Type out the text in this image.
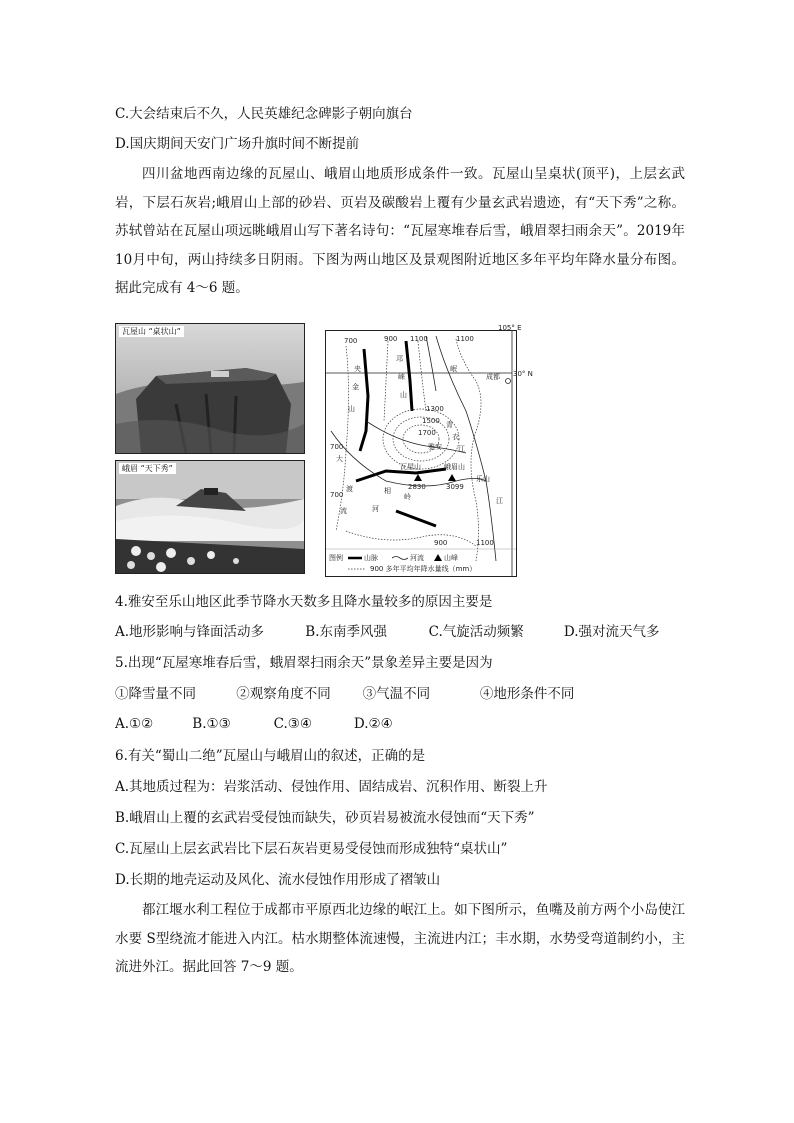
C.大会结束后不久，人民英雄纪念碑影子朝向旗台
D.国庆期间天安门广场升旗时间不断提前
四川盆地西南边缘的瓦屋山、峨眉山地质形成条件一致。瓦屋山呈桌状(顶平)，上层玄武岩，下层石灰岩;峨眉山上部的砂岩、页岩及碳酸岩上覆有少量玄武岩遗迹，有“天下秀”之称。苏轼曾站在瓦屋山项远眺峨眉山写下著名诗句：“瓦屋寒堆春后雪，峨眉翠扫雨余天”。2019年 10月中旬，两山持续多日阴雨。下图为两山地区及景观图附近地区多年平均年降水量分布图。据此完成有 4～6 题。
瓦屋山 “桌状山”
峨眉 “天下秀”
105° E
30° N
700	900 1100	1100
1300
1500
1700
700
700
900	1100
成都
雅安
瓦屋山	峨眉山
乐山
2830	3099
夹
金
山
邛
崃
山
岷
大
渡	相
岭
流	河
江
青
衣
江
图例	山脉	河流	山峰
900 多年平均年降水量线（mm）
4.雅安至乐山地区此季节降水天数多且降水量较多的原因主要是
A.地形影响与锋面活动多	B.东南季风强	C.气旋活动频繁	D.强对流天气多
5.出现“瓦屋寒堆春后雪，蛾眉翠扫雨余天”景象差异主要是因为
①降雪量不同	②观察角度不同 ③气温不同	④地形条件不同
A.①②	B.①③	C.③④	D.②④
6.有关“蜀山二绝”瓦屋山与峨眉山的叙述，正确的是
A.其地质过程为：岩浆活动、侵蚀作用、固结成岩、沉积作用、断裂上升
B.峨眉山上覆的玄武岩受侵蚀而缺失，砂页岩易被流水侵蚀而“天下秀”
C.瓦屋山上层玄武岩比下层石灰岩更易受侵蚀而形成独特“桌状山”
D.长期的地壳运动及风化、流水侵蚀作用形成了褶皱山
都江堰水利工程位于成都市平原西北边缘的岷江上。如下图所示，鱼嘴及前方两个小岛使江水要 S型绕流才能进入内江。枯水期整体流速慢，主流进内江；丰水期，水势受弯道制约小，主流进外江。据此回答 7～9 题。
